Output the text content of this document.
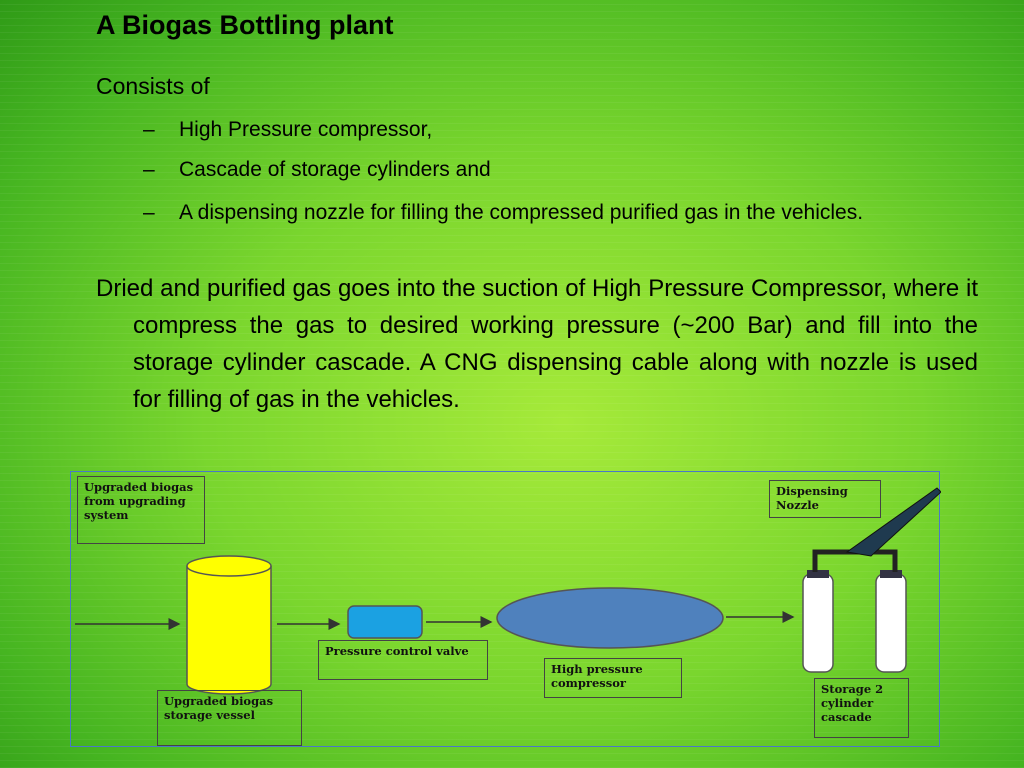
A Biogas Bottling plant
Consists of
– High Pressure compressor,
– Cascade of storage cylinders and
– A dispensing nozzle for filling the compressed purified gas in the vehicles.
Dried and purified gas goes into the suction of High Pressure Compressor, where it compress the gas to desired working pressure (~200 Bar) and fill into the storage cylinder cascade. A CNG dispensing cable along with nozzle is used for filling of gas in the vehicles.
Upgraded biogas from upgrading system
Upgraded biogas storage vessel
Pressure control valve
High pressure compressor
Dispensing Nozzle
Storage 2 cylinder cascade
